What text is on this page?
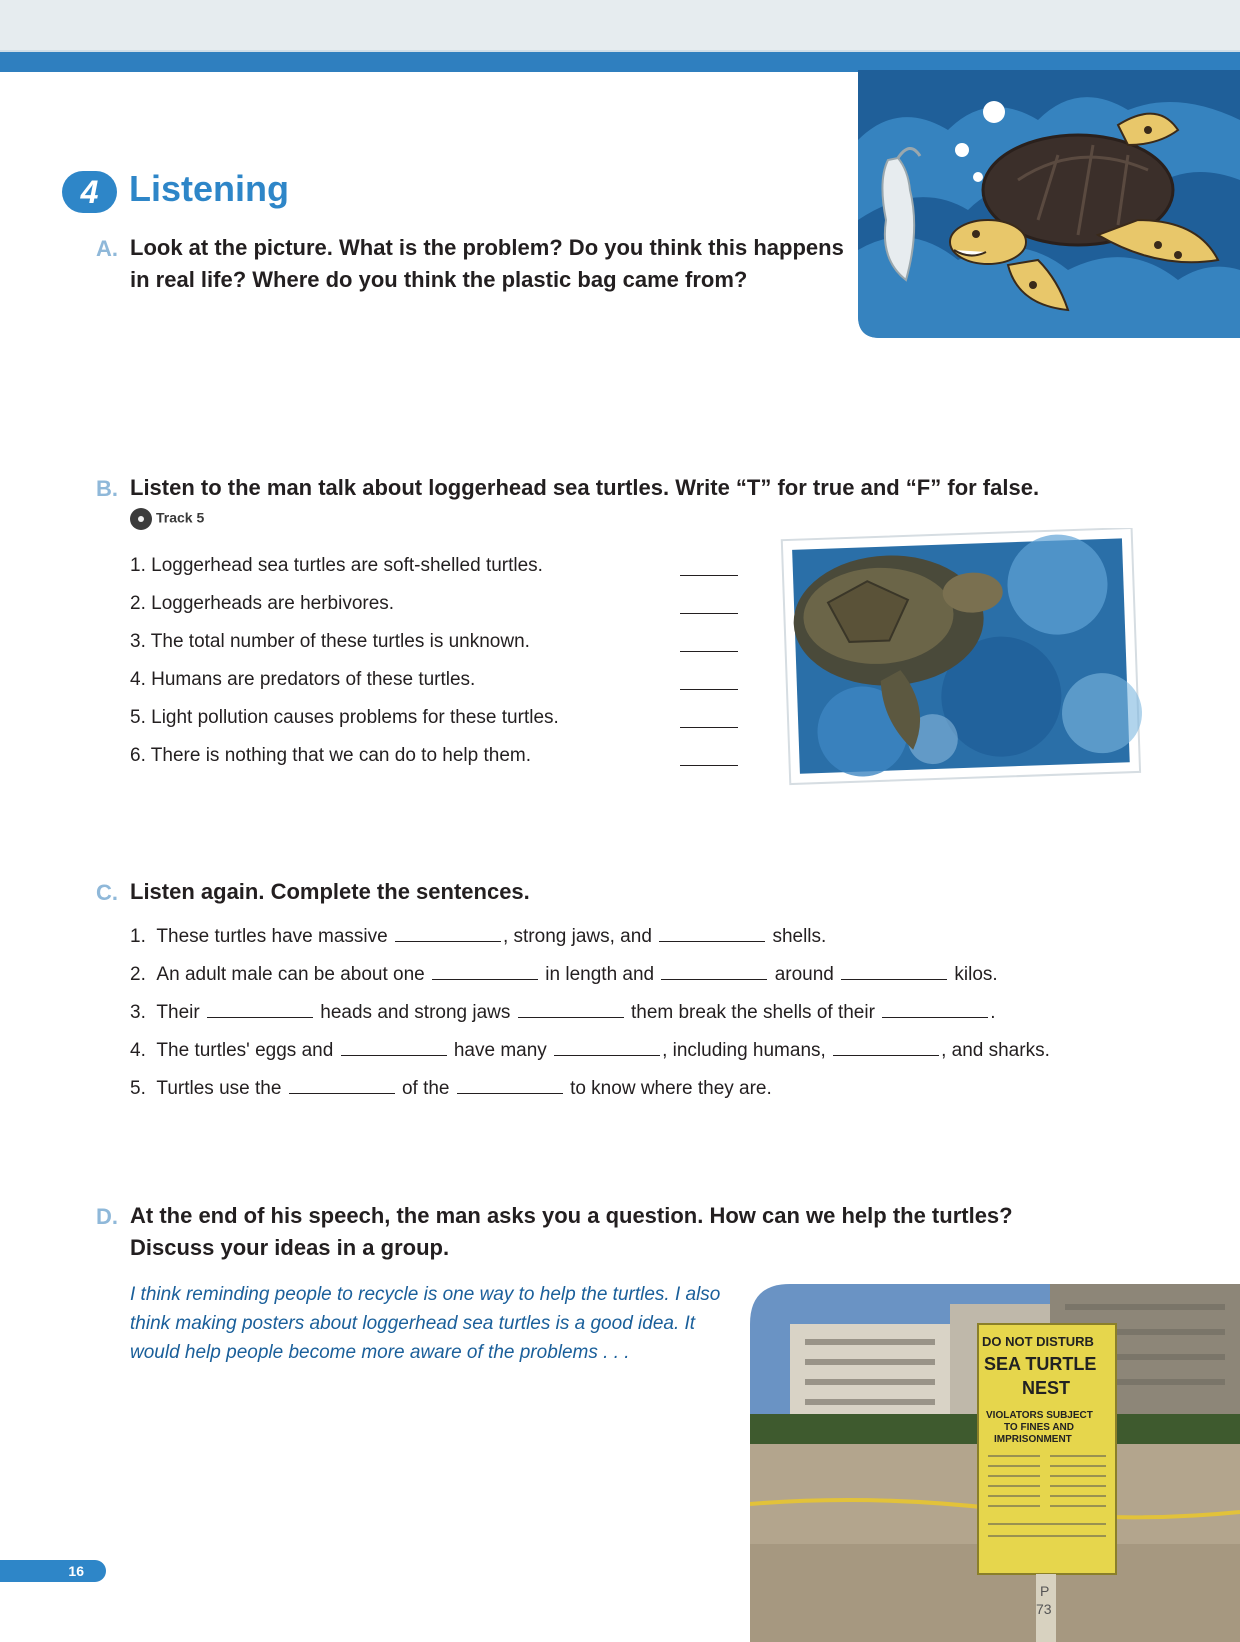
4 Listening
A. Look at the picture. What is the problem? Do you think this happens
in real life? Where do you think the plastic bag came from?
B. Listen to the man talk about loggerhead sea turtles. Write “T” for true and “F” for false.
Track 5
1. Loggerhead sea turtles are soft-shelled turtles.
2. Loggerheads are herbivores.
3. The total number of these turtles is unknown.
4. Humans are predators of these turtles.
5. Light pollution causes problems for these turtles.
6. There is nothing that we can do to help them.
C. Listen again. Complete the sentences.
1. These turtles have massive	, strong jaws, and	shells.
2. An adult male can be about one	in length and	around	kilos.
3. Their	heads and strong jaws	them break the shells of their	.
4. The turtles' eggs and	have many	, including humans,	, and sharks.
5. Turtles use the	of the	to know where they are.
D. At the end of his speech, the man asks you a question. How can we help the turtles?
Discuss your ideas in a group.
I think reminding people to recycle is one way to help the turtles. I also
think making posters about loggerhead sea turtles is a good idea. It
would help people become more aware of the problems . . .
DO NOT DISTURB
SEA TURTLE
NEST
VIOLATORS SUBJECT
TO FINES AND
IMPRISONMENT
P
73
16
